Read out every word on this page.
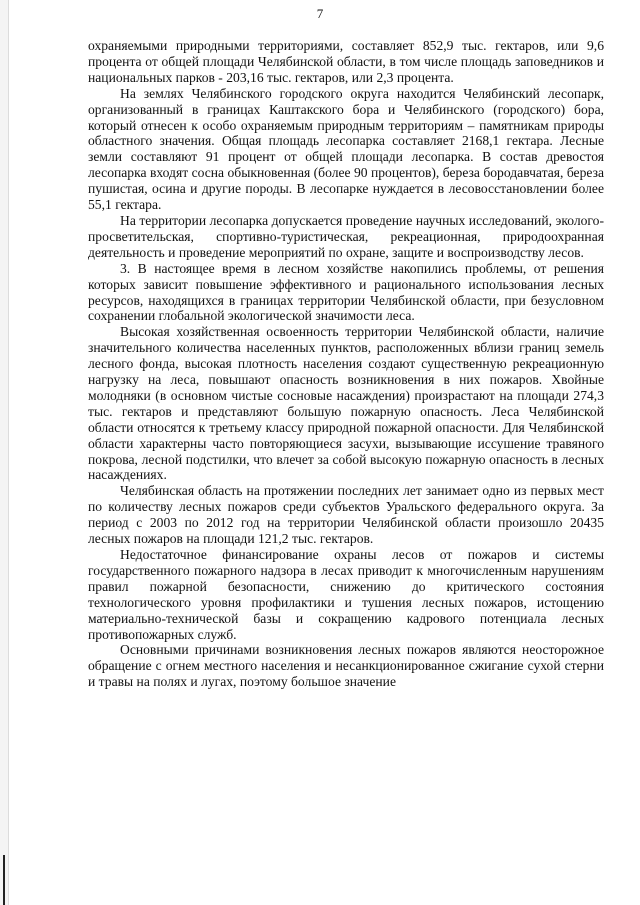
7

охраняемыми природными территориями, составляет 852,9 тыс. гектаров, или 9,6 процента от общей площади Челябинской области, в том числе площадь заповедников и национальных парков - 203,16 тыс. гектаров, или 2,3 процента.

На землях Челябинского городского округа находится Челябинский лесопарк, организованный в границах Каштакского бора и Челябинского (городского) бора, который отнесен к особо охраняемым природным территориям – памятникам природы областного значения. Общая площадь лесопарка составляет 2168,1 гектара. Лесные земли составляют 91 процент от общей площади лесопарка. В состав древостоя лесопарка входят сосна обыкновенная (более 90 процентов), береза бородавчатая, береза пушистая, осина и другие породы. В лесопарке нуждается в лесовосстановлении более 55,1 гектара.

На территории лесопарка допускается проведение научных исследований, эколого-просветительская, спортивно-туристическая, рекреационная, природоохранная деятельность и проведение мероприятий по охране, защите и воспроизводству лесов.

3. В настоящее время в лесном хозяйстве накопились проблемы, от решения которых зависит повышение эффективного и рационального использования лесных ресурсов, находящихся в границах территории Челябинской области, при безусловном сохранении глобальной экологической значимости леса.

Высокая хозяйственная освоенность территории Челябинской области, наличие значительного количества населенных пунктов, расположенных вблизи границ земель лесного фонда, высокая плотность населения создают существенную рекреационную нагрузку на леса, повышают опасность возникновения в них пожаров. Хвойные молодняки (в основном чистые сосновые насаждения) произрастают на площади 274,3 тыс. гектаров и представляют большую пожарную опасность. Леса Челябинской области относятся к третьему классу природной пожарной опасности. Для Челябинской области характерны часто повторяющиеся засухи, вызывающие иссушение травяного покрова, лесной подстилки, что влечет за собой высокую пожарную опасность в лесных насаждениях.

Челябинская область на протяжении последних лет занимает одно из первых мест по количеству лесных пожаров среди субъектов Уральского федерального округа. За период с 2003 по 2012 год на территории Челябинской области произошло 20435 лесных пожаров на площади 121,2 тыс. гектаров.

Недостаточное финансирование охраны лесов от пожаров и системы государственного пожарного надзора в лесах приводит к многочисленным нарушениям правил пожарной безопасности, снижению до критического состояния технологического уровня профилактики и тушения лесных пожаров, истощению материально-технической базы и сокращению кадрового потенциала лесных противопожарных служб.

Основными причинами возникновения лесных пожаров являются неосторожное обращение с огнем местного населения и несанкционированное сжигание сухой стерни и травы на полях и лугах, поэтому большое значение
